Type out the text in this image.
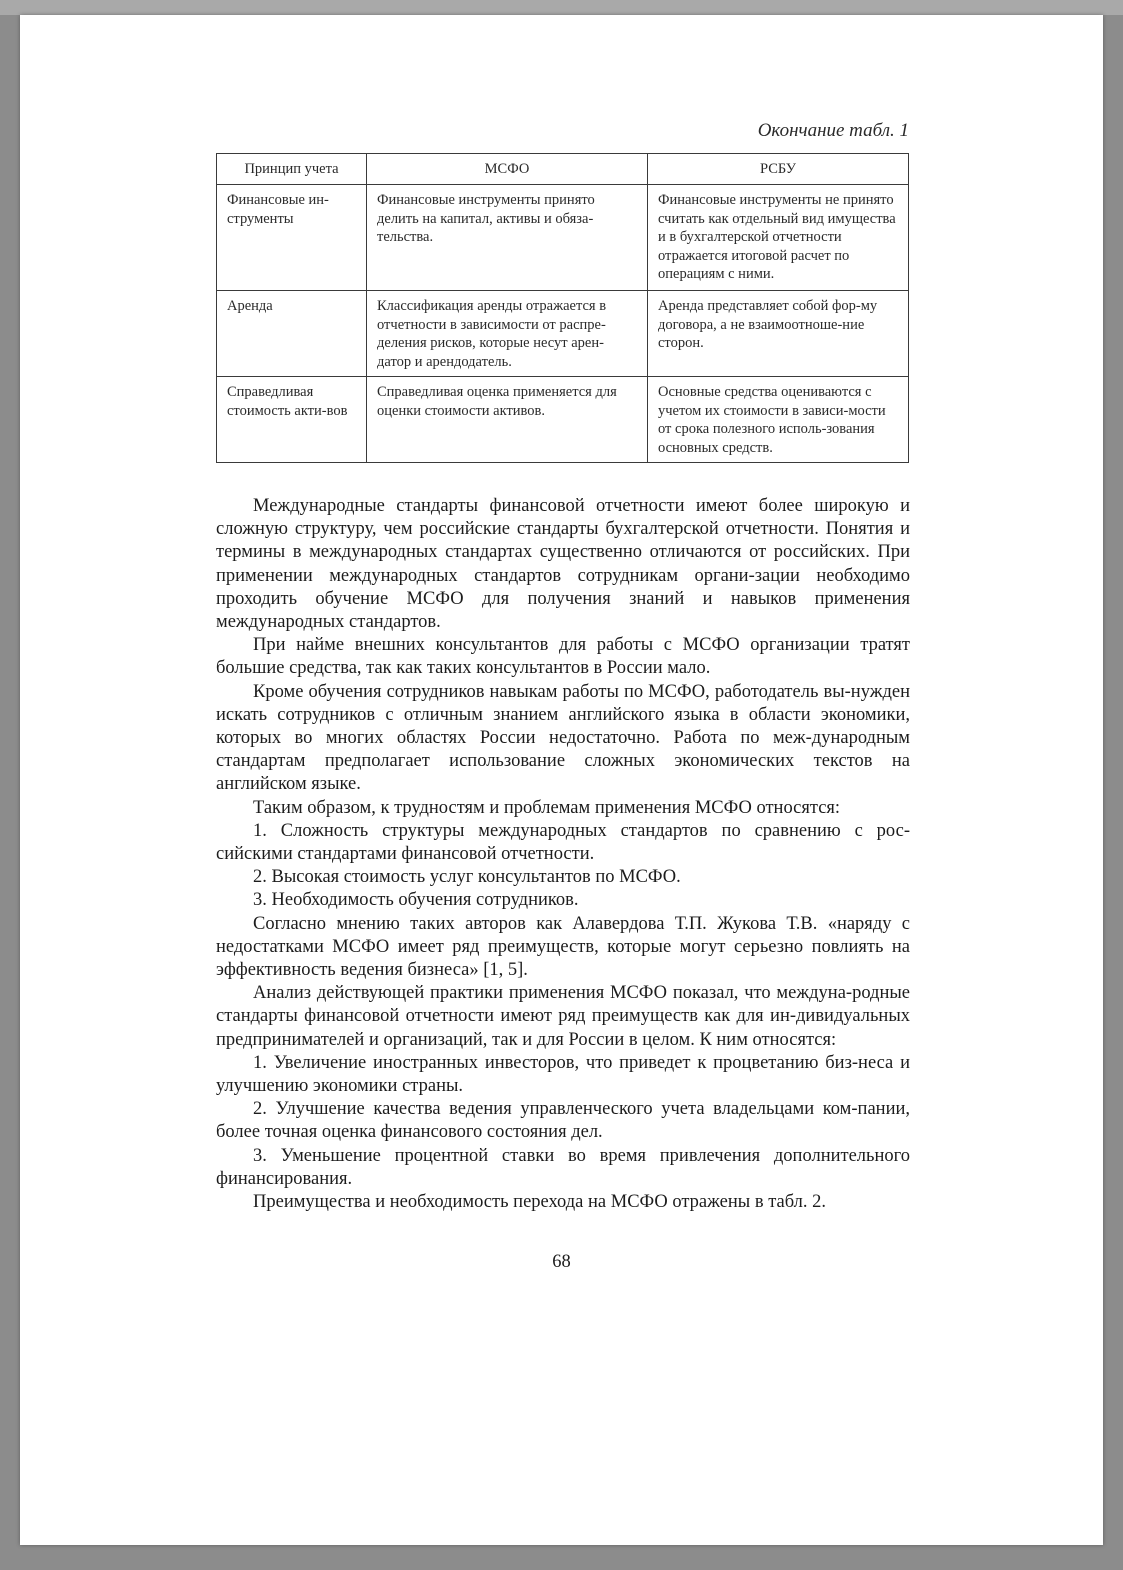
Окончание табл. 1
Принцип учета	МСФО	РСБУ
Финансовые ин-струменты	Финансовые инструменты принято делить на капитал, активы и обяза-тельства.	Финансовые инструменты не принято считать как отдельный вид имущества и в бухгалтерской отчетности отражается итоговой расчет по операциям с ними.
Аренда	Классификация аренды отражается в отчетности в зависимости от распре-деления рисков, которые несут арен-датор и арендодатель.	Аренда представляет собой фор-му договора, а не взаимоотноше-ние сторон.
Справедливая стоимость акти-вов	Справедливая оценка применяется для оценки стоимости активов.	Основные средства оцениваются с учетом их стоимости в зависи-мости от срока полезного исполь-зования основных средств.

Международные стандарты финансовой отчетности имеют более широкую и сложную структуру, чем российские стандарты бухгалтерской отчетности. Понятия и термины в международных стандартах существенно отличаются от российских. При применении международных стандартов сотрудникам органи-зации необходимо проходить обучение МСФО для получения знаний и навыков применения международных стандартов.

При найме внешних консультантов для работы с МСФО организации тратят большие средства, так как таких консультантов в России мало.

Кроме обучения сотрудников навыкам работы по МСФО, работодатель вы-нужден искать сотрудников с отличным знанием английского языка в области экономики, которых во многих областях России недостаточно. Работа по меж-дународным стандартам предполагает использование сложных экономических текстов на английском языке.

Таким образом, к трудностям и проблемам применения МСФО относятся:

1. Сложность структуры международных стандартов по сравнению с рос-сийскими стандартами финансовой отчетности.

2. Высокая стоимость услуг консультантов по МСФО.

3. Необходимость обучения сотрудников.

Согласно мнению таких авторов как Алавердова Т.П. Жукова Т.В. «наряду с недостатками МСФО имеет ряд преимуществ, которые могут серьезно повлиять на эффективность ведения бизнеса» [1, 5].

Анализ действующей практики применения МСФО показал, что междуна-родные стандарты финансовой отчетности имеют ряд преимуществ как для ин-дивидуальных предпринимателей и организаций, так и для России в целом. К ним относятся:

1. Увеличение иностранных инвесторов, что приведет к процветанию биз-неса и улучшению экономики страны.

2. Улучшение качества ведения управленческого учета владельцами ком-пании, более точная оценка финансового состояния дел.

3. Уменьшение процентной ставки во время привлечения дополнительного финансирования.

Преимущества и необходимость перехода на МСФО отражены в табл. 2.

68
